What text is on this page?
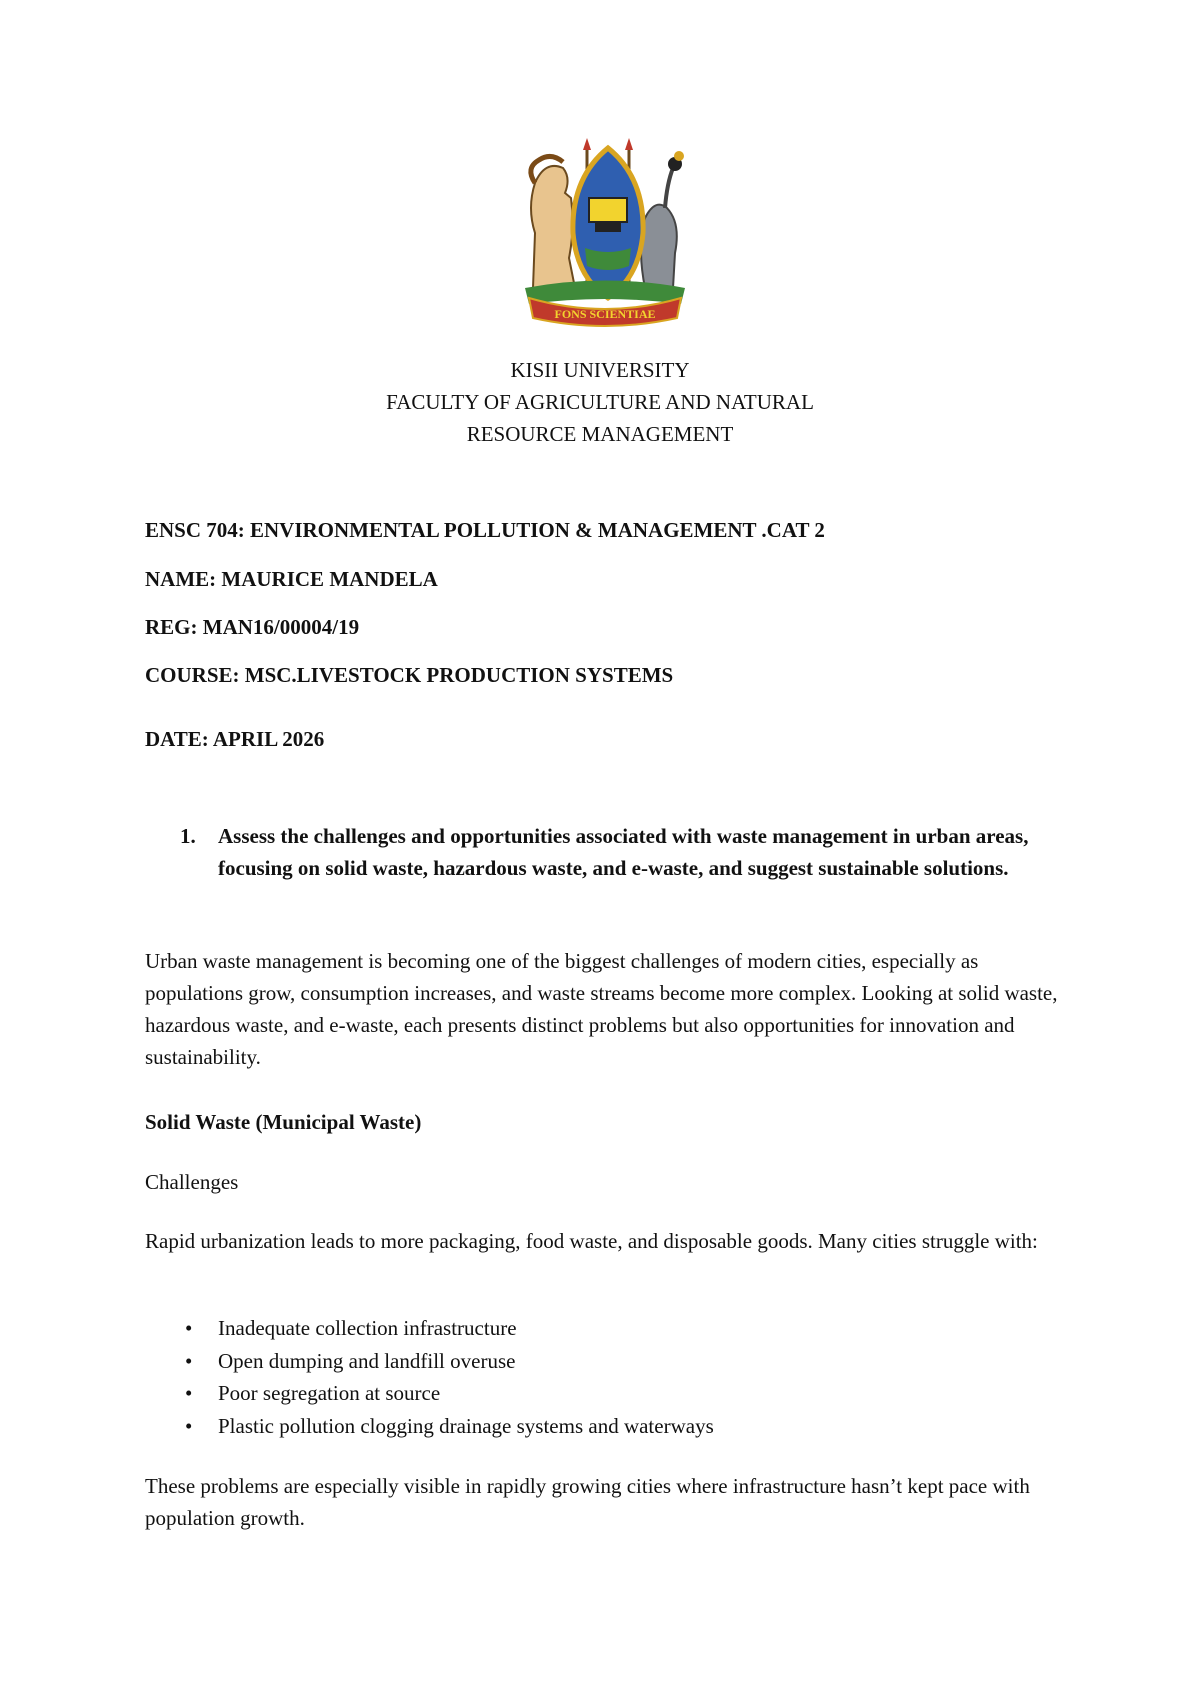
FONS SCIENTIAE
KISII UNIVERSITY
FACULTY OF AGRICULTURE AND NATURAL
RESOURCE MANAGEMENT
ENSC 704: ENVIRONMENTAL POLLUTION & MANAGEMENT .CAT 2
NAME: MAURICE MANDELA
REG: MAN16/00004/19
COURSE: MSC.LIVESTOCK PRODUCTION SYSTEMS
DATE: APRIL 2026
1. Assess the challenges and opportunities associated with waste management in urban areas, focusing on solid waste, hazardous waste, and e-waste, and suggest sustainable solutions.
Urban waste management is becoming one of the biggest challenges of modern cities, especially as populations grow, consumption increases, and waste streams become more complex. Looking at solid waste, hazardous waste, and e-waste, each presents distinct problems but also opportunities for innovation and sustainability.
Solid Waste (Municipal Waste)
Challenges
Rapid urbanization leads to more packaging, food waste, and disposable goods. Many cities struggle with:
• Inadequate collection infrastructure
• Open dumping and landfill overuse
• Poor segregation at source
• Plastic pollution clogging drainage systems and waterways
These problems are especially visible in rapidly growing cities where infrastructure hasn’t kept pace with population growth.
